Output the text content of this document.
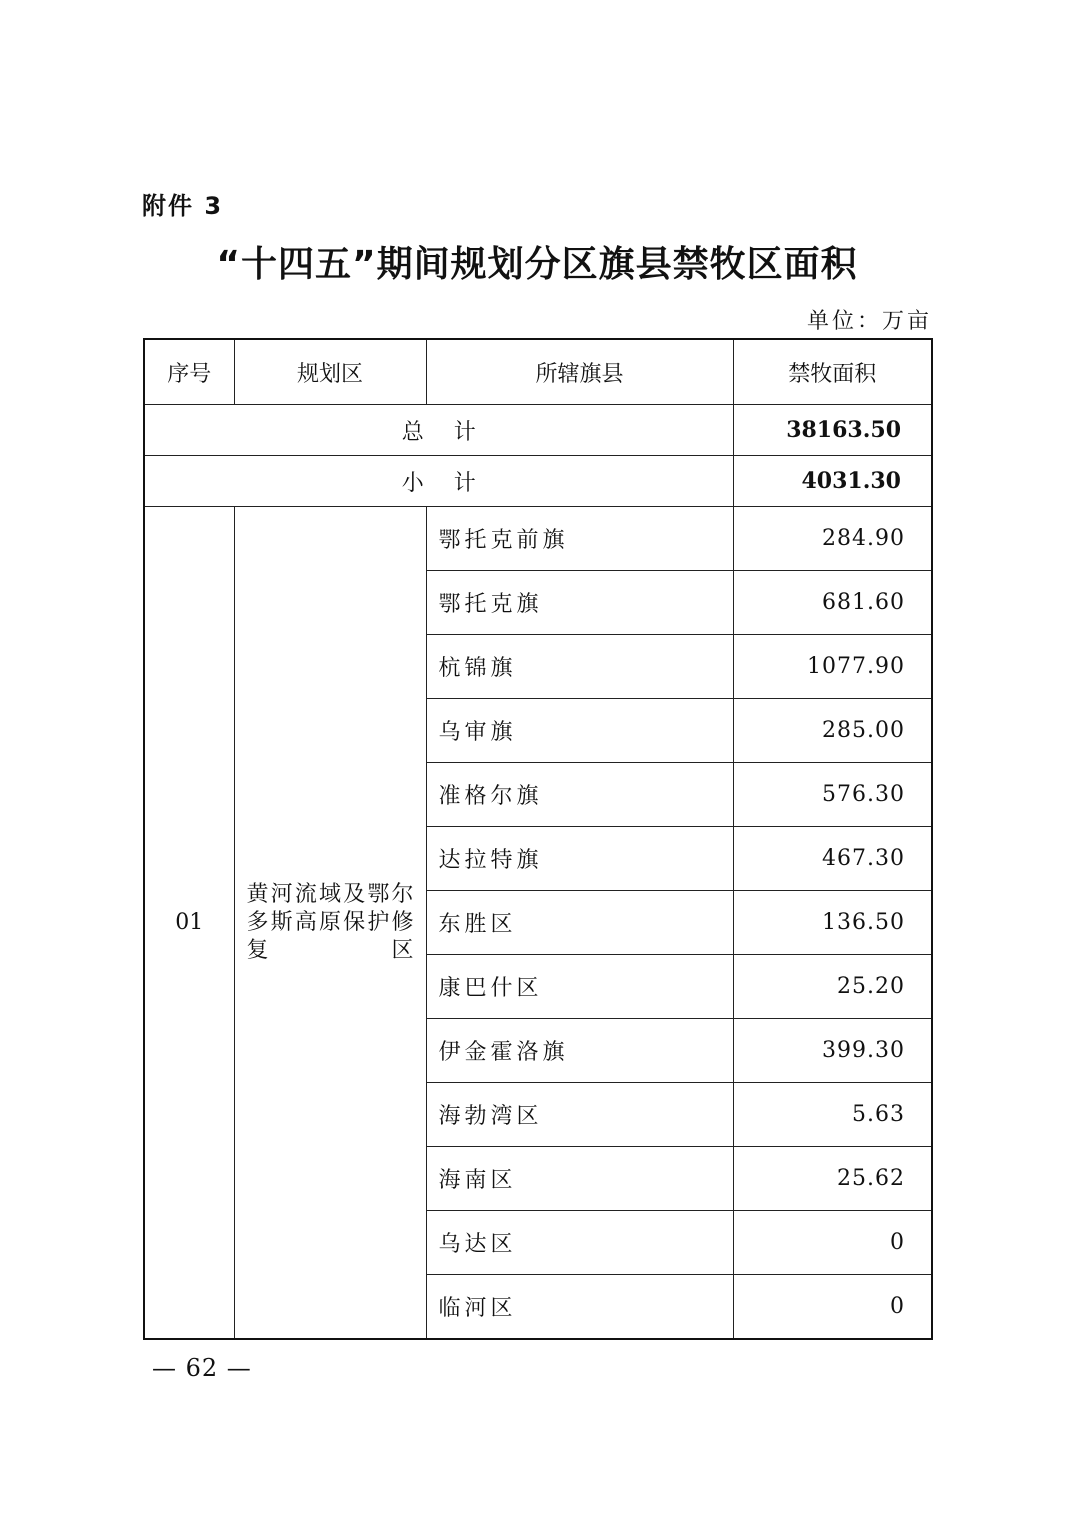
附件 3
“十四五”期间规划分区旗县禁牧区面积
单位：万亩
序号	规划区	所辖旗县	禁牧面积
总计			38163.50
小计			4031.30
01	黄河流域及鄂尔多斯高原保护修复区	鄂托克前旗	284.90
		鄂托克旗	681.60
		杭锦旗	1077.90
		乌审旗	285.00
		准格尔旗	576.30
		达拉特旗	467.30
		东胜区	136.50
		康巴什区	25.20
		伊金霍洛旗	399.30
		海勃湾区	5.63
		海南区	25.62
		乌达区	0
		临河区	0
— 62 —
